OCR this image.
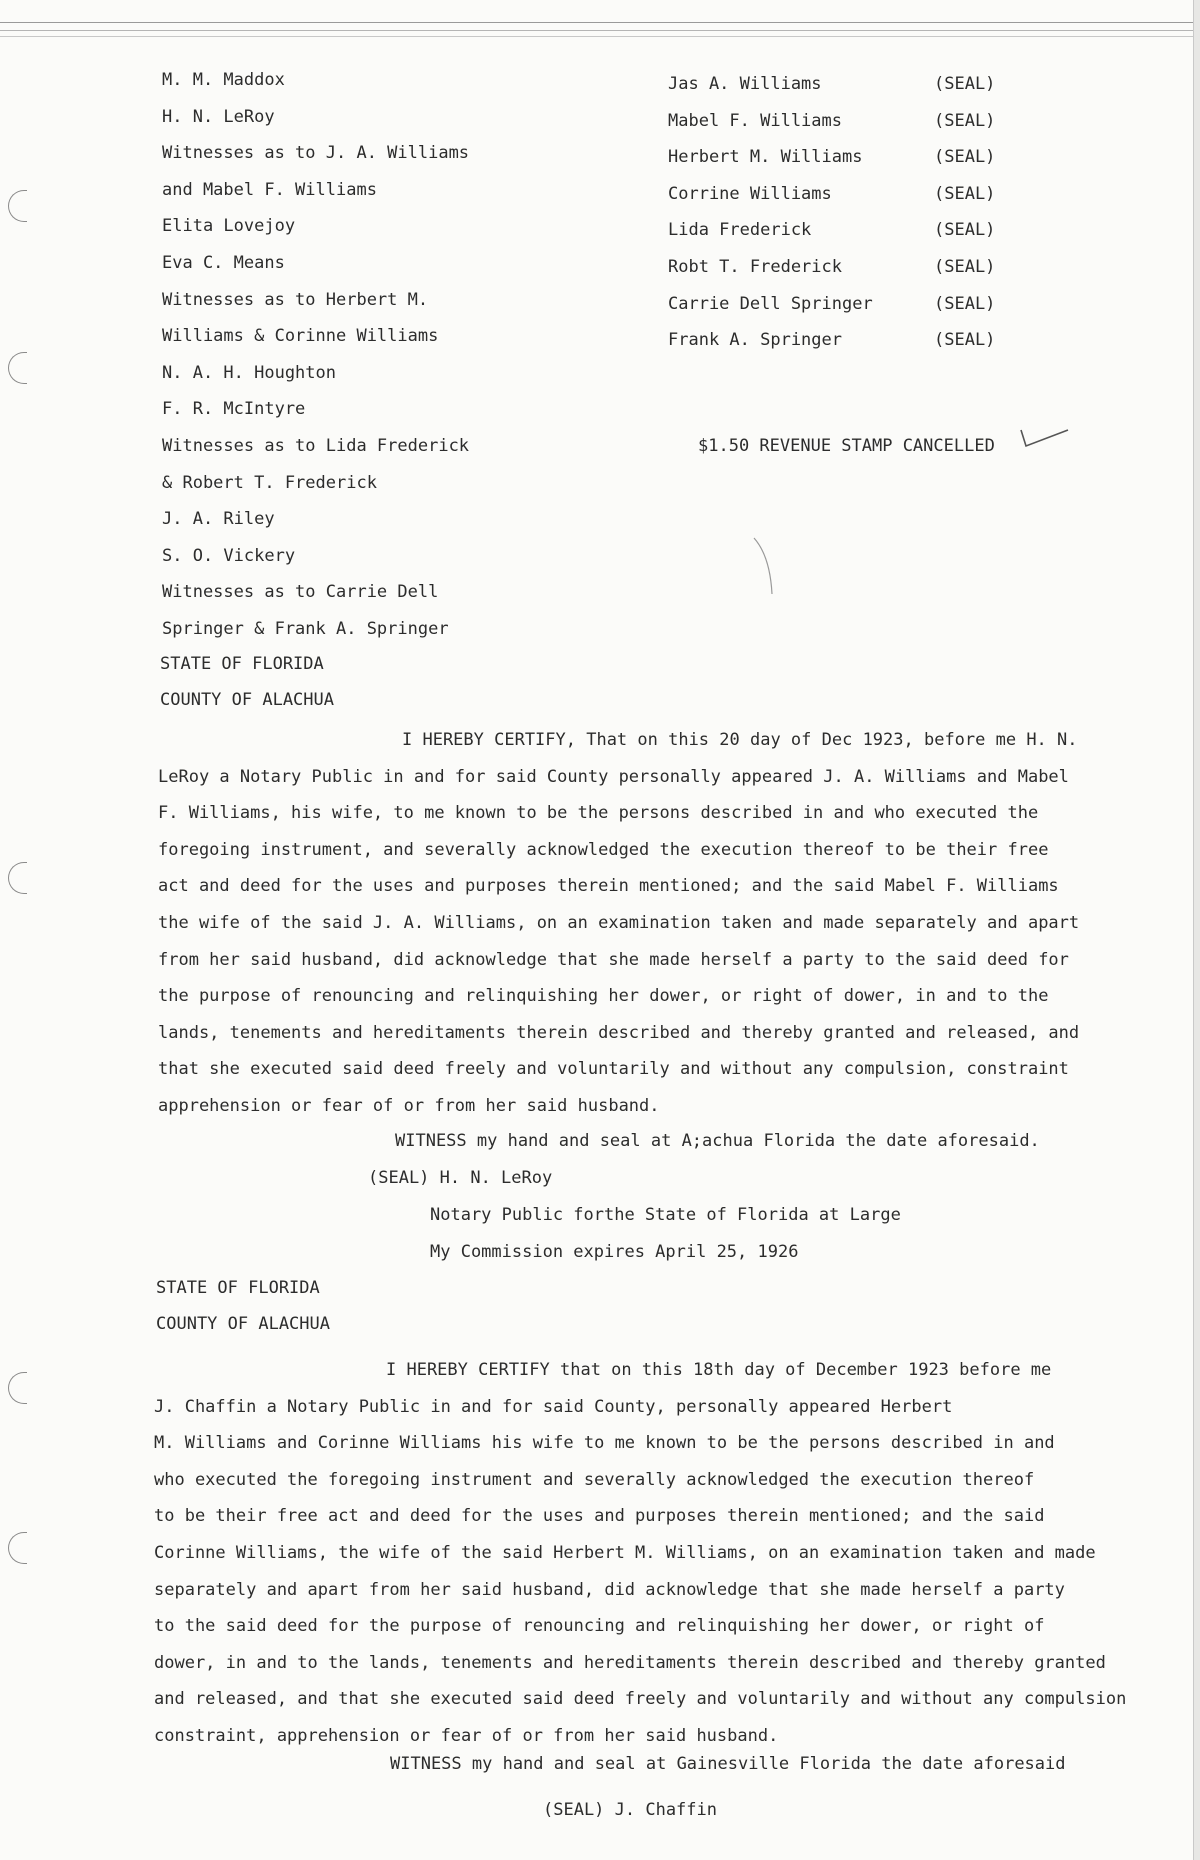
M. M. Maddox
H. N. LeRoy
Witnesses as to J. A. Williams
and Mabel F. Williams
Elita Lovejoy
Eva C. Means
Witnesses as to Herbert M.
Williams & Corinne Williams
N. A. H. Houghton
F. R. McIntyre
Witnesses as to Lida Frederick
& Robert T. Frederick
J. A. Riley
S. O. Vickery
Witnesses as to Carrie Dell
Springer & Frank A. Springer
Jas A. Williams	(SEAL)
Mabel F. Williams	(SEAL)
Herbert M. Williams	(SEAL)
Corrine Williams	(SEAL)
Lida Frederick	(SEAL)
Robt T. Frederick	(SEAL)
Carrie Dell Springer	(SEAL)
Frank A. Springer	(SEAL)
$1.50 REVENUE STAMP CANCELLED
STATE OF FLORIDA
COUNTY OF ALACHUA
I HEREBY CERTIFY, That on this 20 day of Dec 1923, before me H. N.
LeRoy a Notary Public in and for said County personally appeared J. A. Williams and Mabel
F. Williams, his wife, to me known to be the persons described in and who executed the
foregoing instrument, and severally acknowledged the execution thereof to be their free
act and deed for the uses and purposes therein mentioned; and the said Mabel F. Williams
the wife of the said J. A. Williams, on an examination taken and made separately and apart
from her said husband, did acknowledge that she made herself a party to the said deed for
the purpose of renouncing and relinquishing her dower, or right of dower, in and to the
lands, tenements and hereditaments therein described and thereby granted and released, and
that she executed said deed freely and voluntarily and without any compulsion, constraint
apprehension or fear of or from her said husband.
WITNESS my hand and seal at A;achua Florida the date aforesaid.
(SEAL) H. N. LeRoy
Notary Public forthe State of Florida at Large
My Commission expires April 25, 1926
STATE OF FLORIDA
COUNTY OF ALACHUA
I HEREBY CERTIFY that on this 18th day of December 1923 before me
J. Chaffin a Notary Public in and for said County, personally appeared Herbert
M. Williams and Corinne Williams his wife to me known to be the persons described in and
who executed the foregoing instrument and severally acknowledged the execution thereof
to be their free act and deed for the uses and purposes therein mentioned; and the said
Corinne Williams, the wife of the said Herbert M. Williams, on an examination taken and made
separately and apart from her said husband, did acknowledge that she made herself a party
to the said deed for the purpose of renouncing and relinquishing her dower, or right of
dower, in and to the lands, tenements and hereditaments therein described and thereby granted
and released, and that she executed said deed freely and voluntarily and without any compulsion
constraint, apprehension or fear of or from her said husband.
WITNESS my hand and seal at Gainesville Florida the date aforesaid
(SEAL) J. Chaffin
